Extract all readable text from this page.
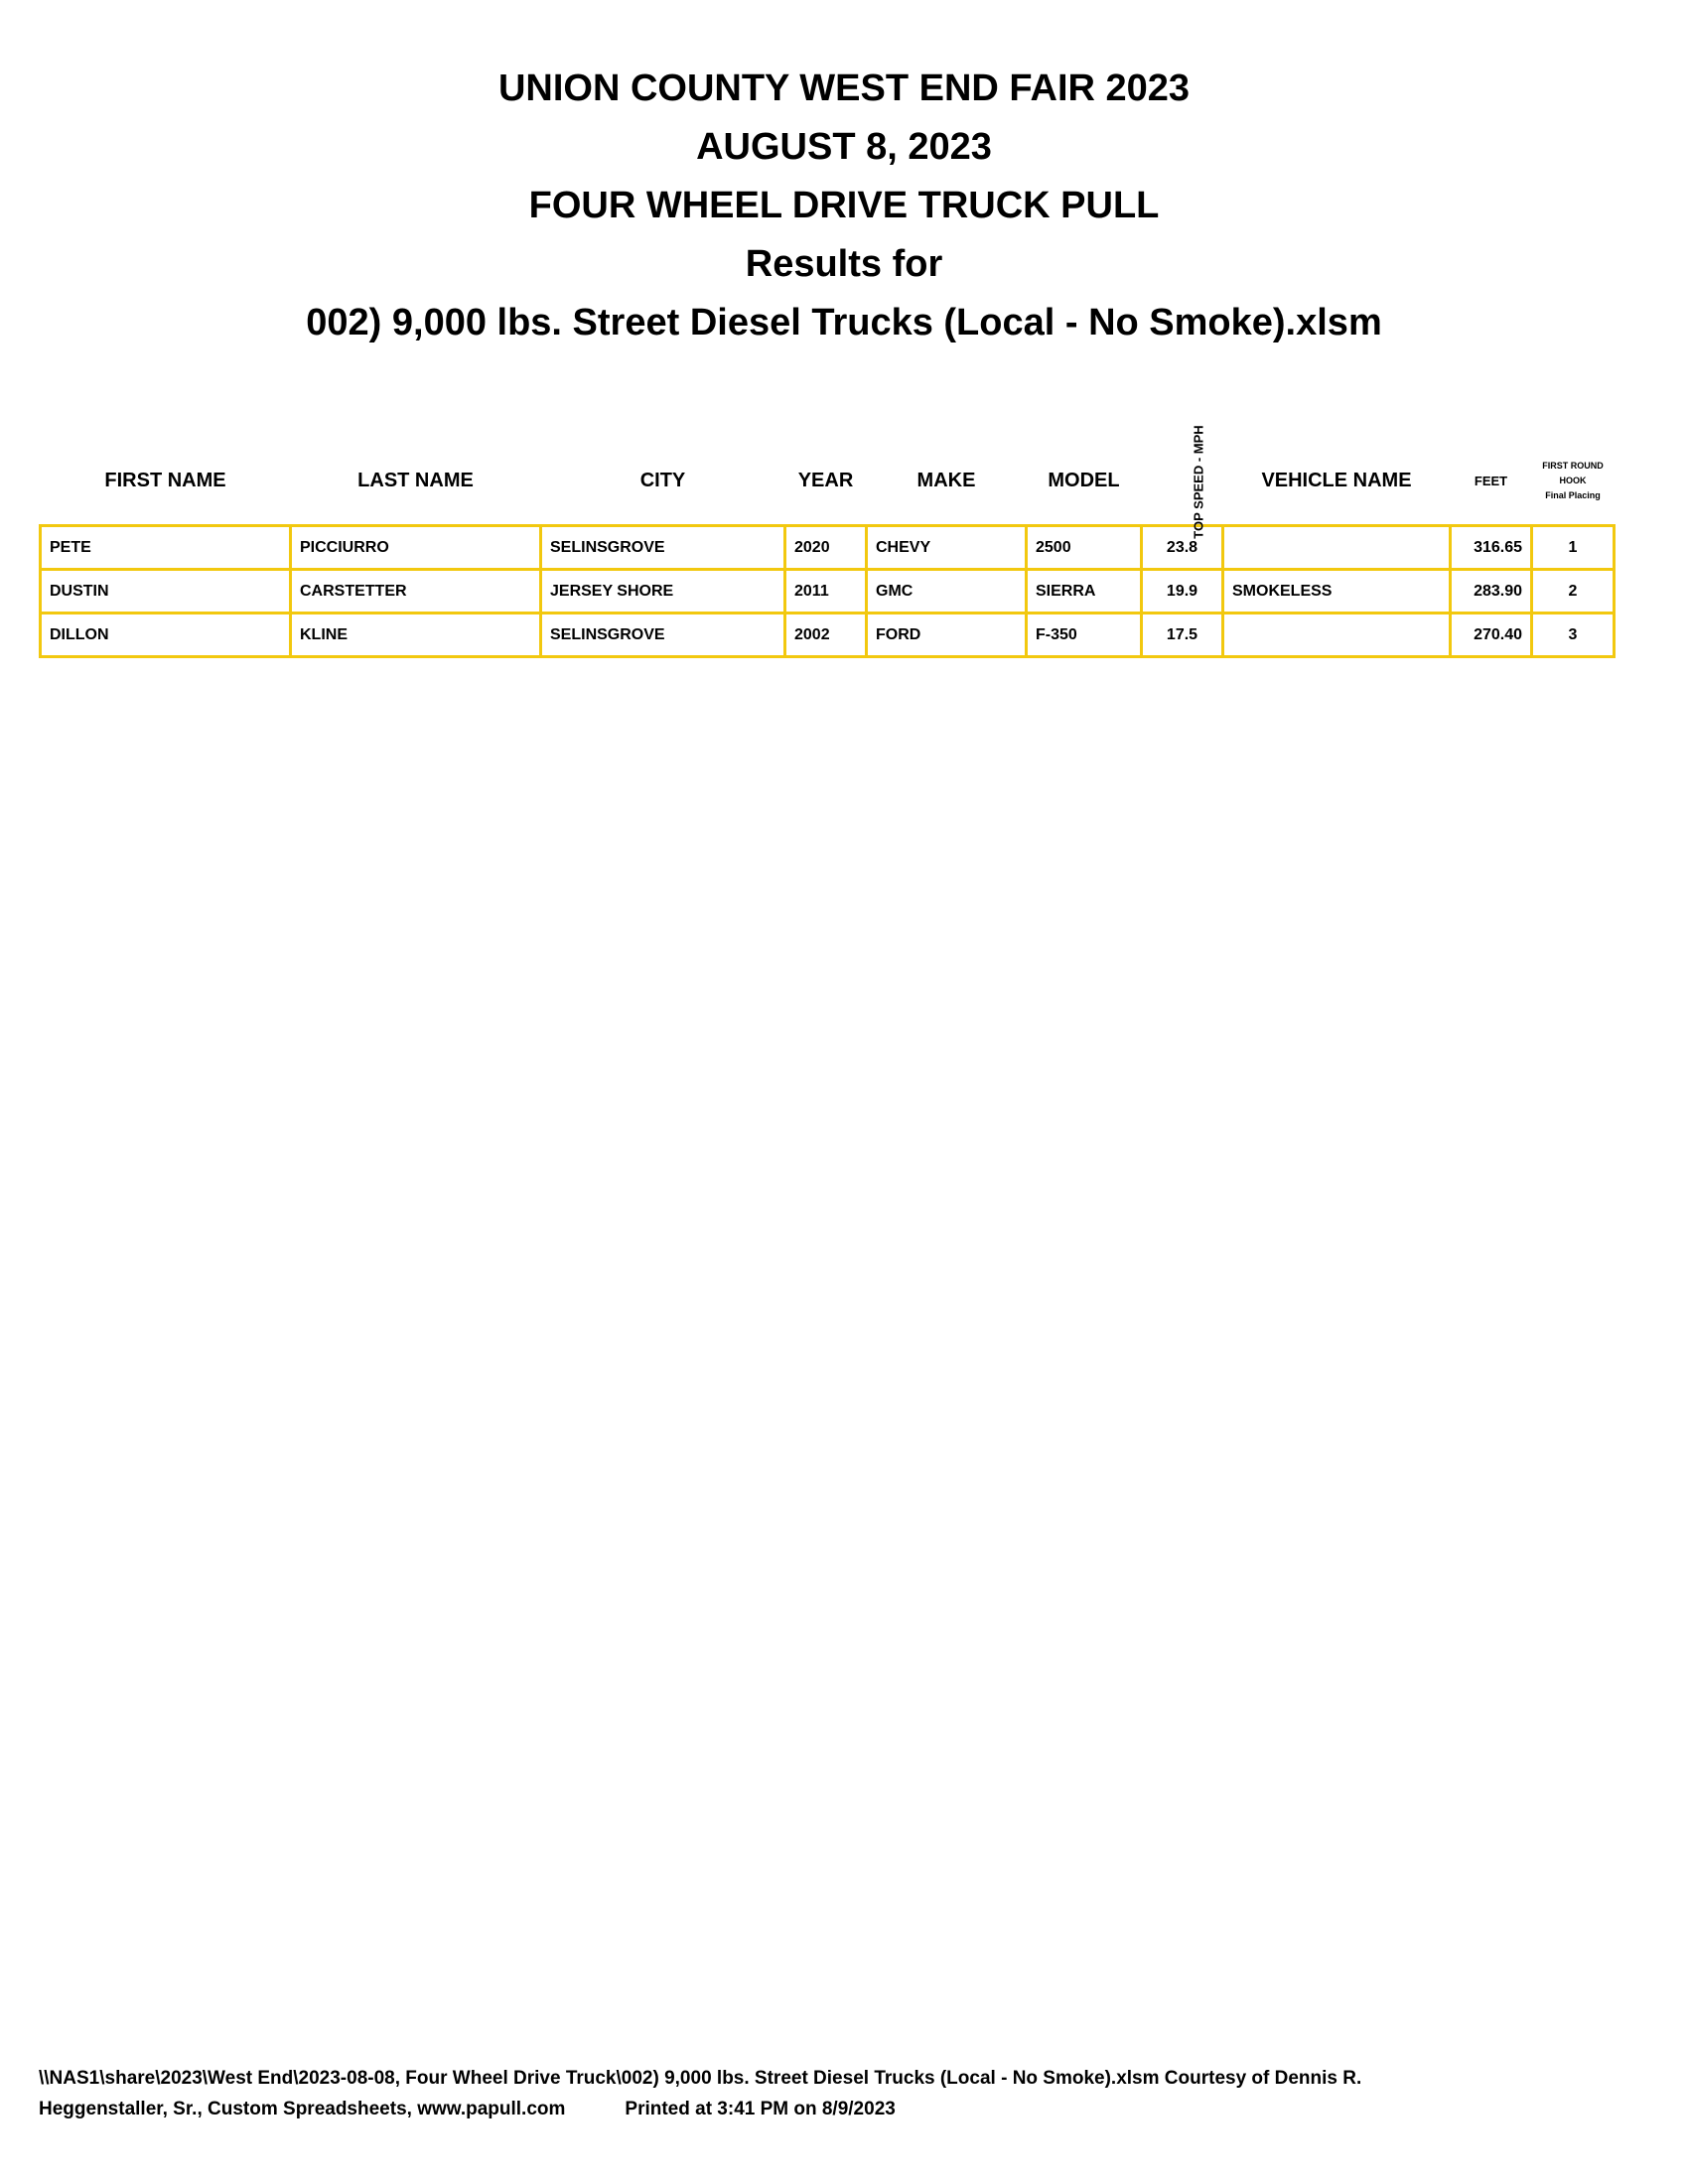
UNION COUNTY WEST END FAIR 2023
AUGUST 8, 2023
FOUR WHEEL DRIVE TRUCK PULL
Results for
002) 9,000 lbs. Street Diesel Trucks (Local - No Smoke).xlsm
FIRST NAME	LAST NAME	CITY	YEAR	MAKE	MODEL	TOP SPEED - MPH	VEHICLE NAME	FEET	FIRST ROUND
HOOK
Final Placing

PETE	PICCIURRO	SELINSGROVE	2020	CHEVY	2500	23.8		316.65	1
DUSTIN	CARSTETTER	JERSEY SHORE	2011	GMC	SIERRA	19.9	SMOKELESS	283.90	2
DILLON	KLINE	SELINSGROVE	2002	FORD	F-350	17.5		270.40	3
\\NAS1\share\2023\West End\2023-08-08, Four Wheel Drive Truck\002) 9,000 lbs. Street Diesel Trucks (Local - No Smoke).xlsm Courtesy of Dennis R.
Heggenstaller, Sr., Custom Spreadsheets, www.papull.com	Printed at 3:41 PM on 8/9/2023
